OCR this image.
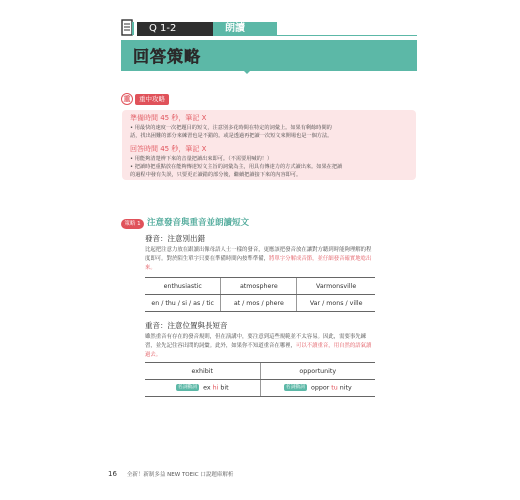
Q 1-2	朗讀
回答策略
重	重中攻略
準備時間 45 秒，筆記 X
• 用最快的速度一次把題目的短文，注意別多花時間在特定的詞彙上。如果有剩餘時間的
話，找出困難的部分來練習也是不錯的。或是透過再把讀一次短文來開場也是一個方法。
回答時間 45 秒，筆記 X
• 用能夠清楚辨下來的音量把讀出來即可。（不需要用喊的！）
• 把讀時把重點放在能夠傳達短文主旨的詞彙為主，用具有傳達力的方式讀出來。如果在把讀
的過程中發有失誤，只要更正讀錯的部分後，繼續把讀接下來的內容即可。
策略 1 注意發音與重音並朗讀短文
發音：注意別出錯
比起把注意力放在跟讀出像母語人士一樣的發音，更應該把發音放在讓對方聽到時能夠理解的程
度即可。對於陌生單字只要在準備時間內按準準備，將單字分解成音節，並仔細發音確實地唸出
來。
enthusiastic	atmosphere	Varmonsville
en / thu / si / as / tic	at / mos / phere	Var / mons / ville
重音：注意位置與長短音
雖然重音有存在的發音規則，但在演講中，要注意到這些規範並不太容易。因此，需要事先練
習，並先記住容出問的詞彙。此外，如果你不知道重音在哪裡，可以不讀重音，用自然的語氣讀
過去。
exhibit	opportunity
名詞動詞 ex hi bit	名詞動詞 oppor tu nity
16 全新！新制多益 NEW TOEIC 口說題庫解析
